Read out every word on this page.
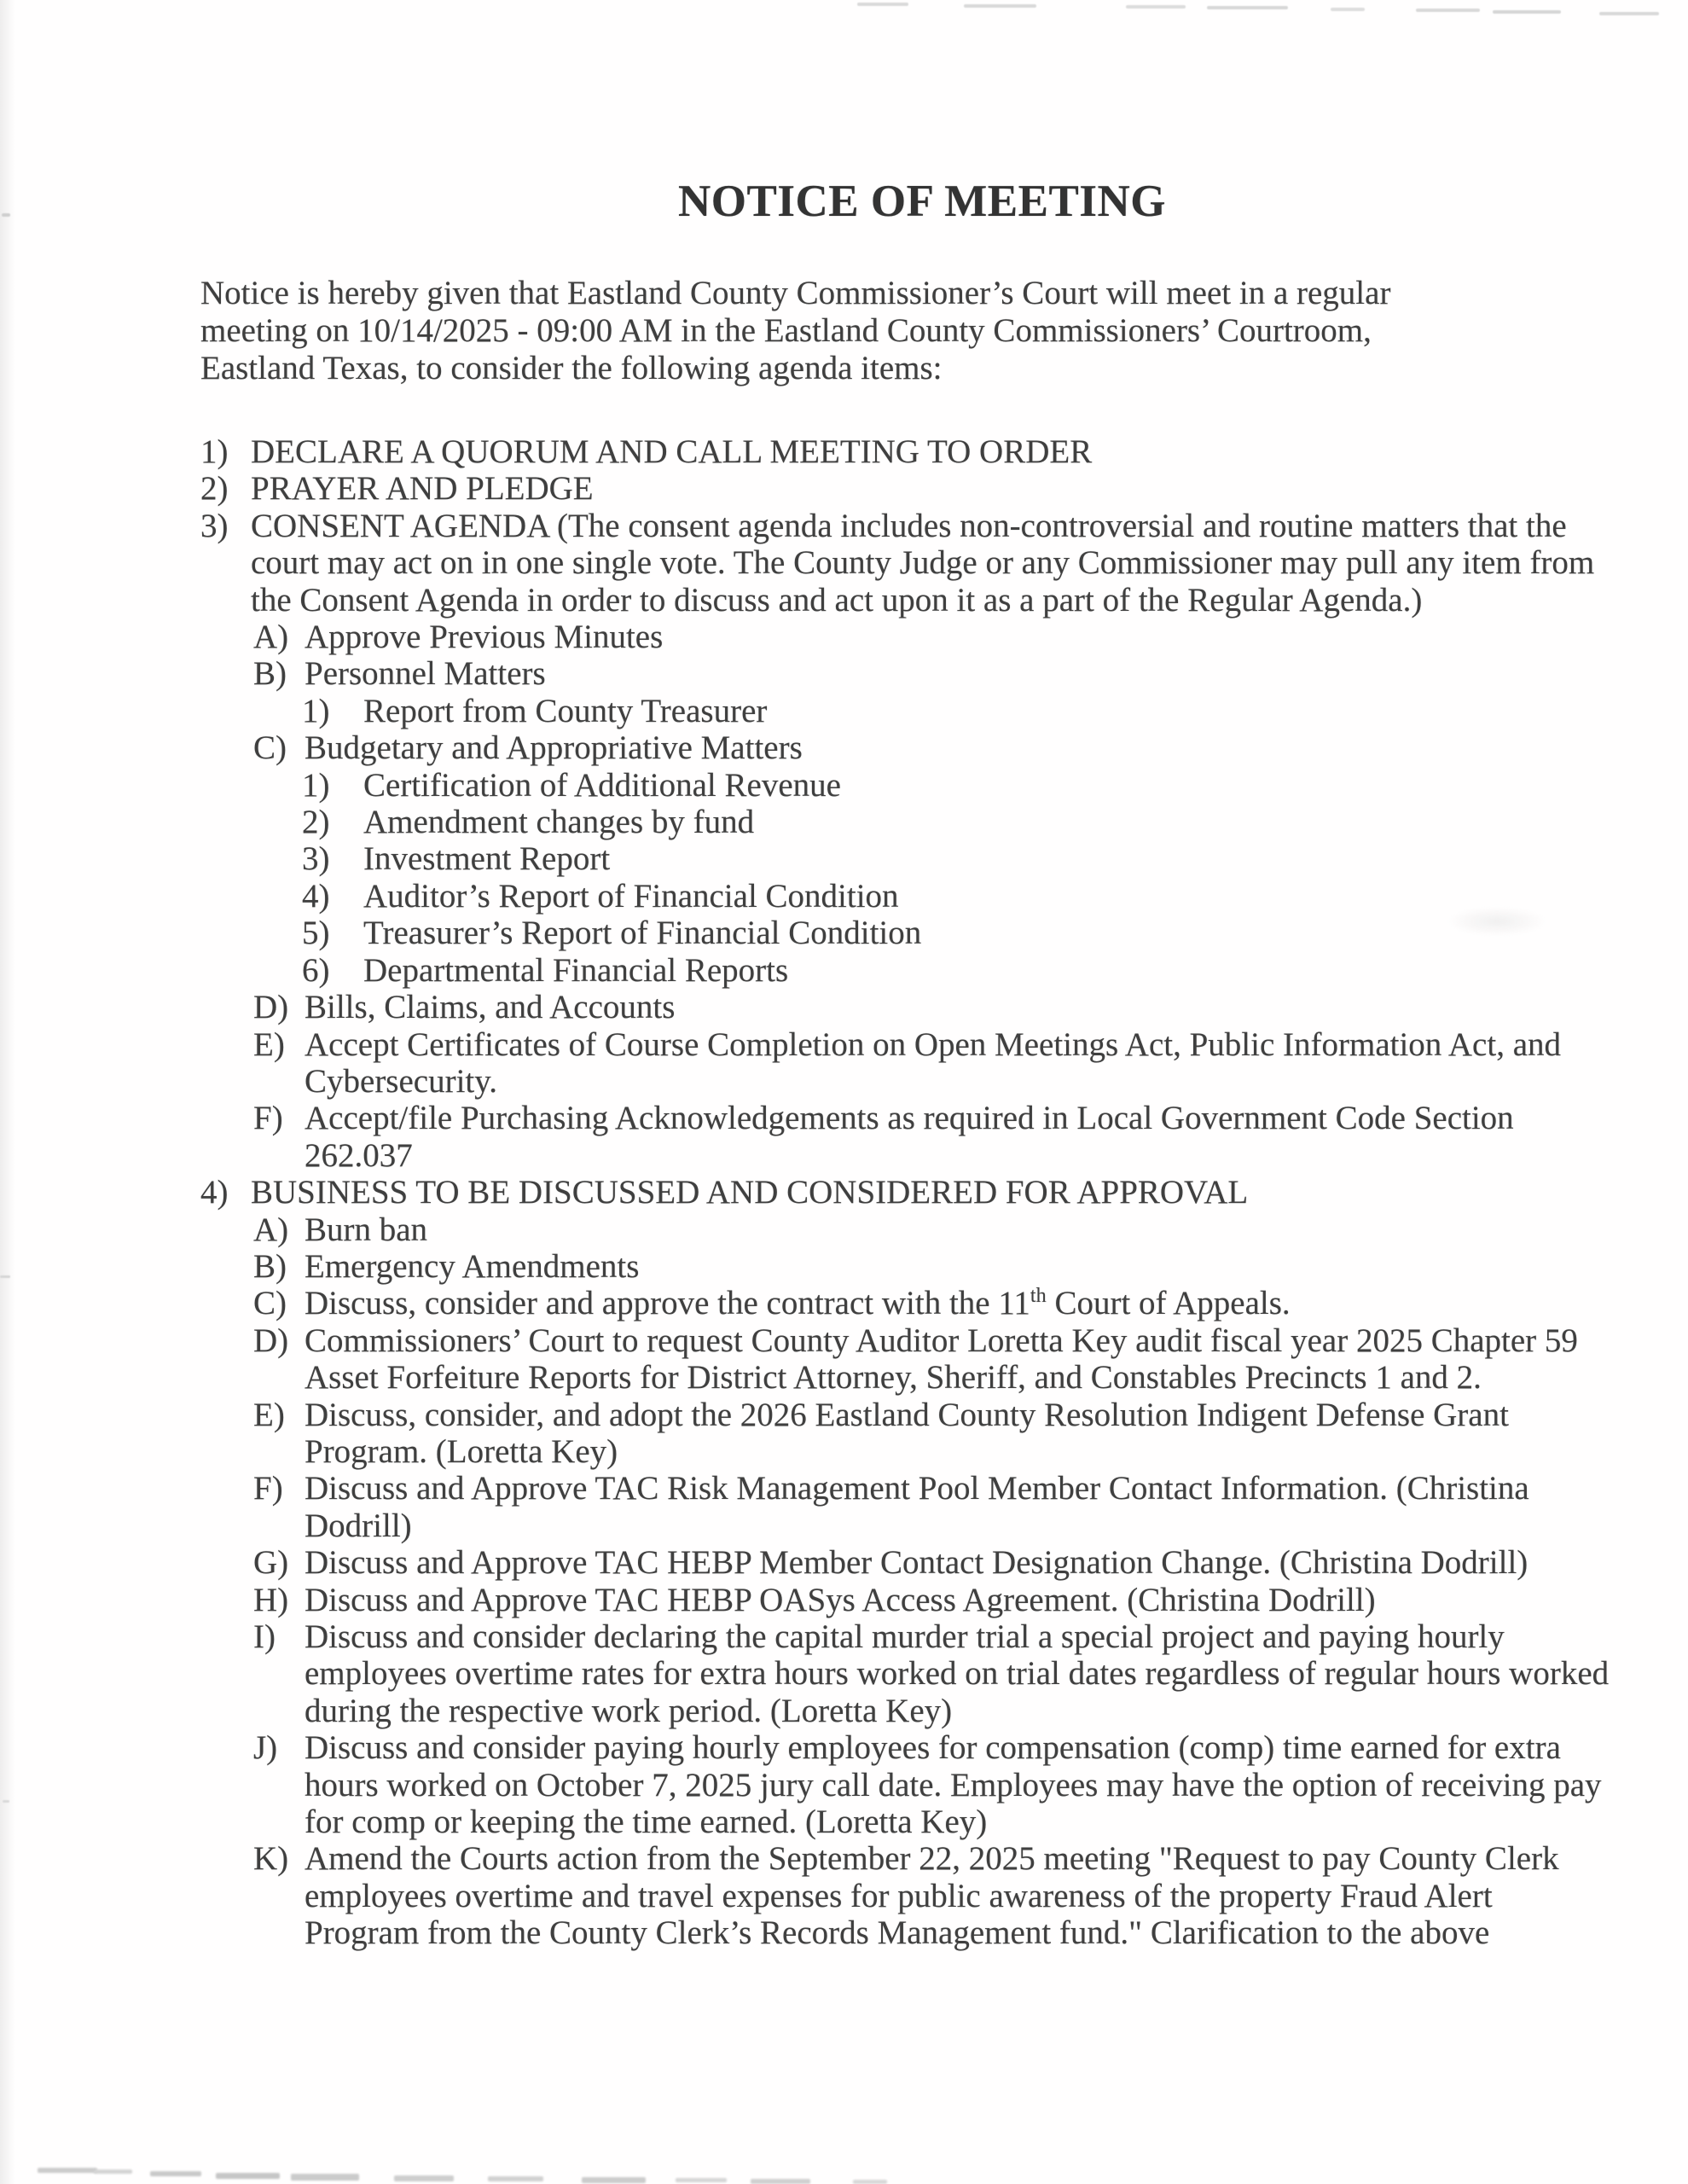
NOTICE OF MEETING
Notice is hereby given that Eastland County Commissioner’s Court will meet in a regular
meeting on 10/14/2025 - 09:00 AM in the Eastland County Commissioners’ Courtroom,
Eastland Texas, to consider the following agenda items:
1) DECLARE A QUORUM AND CALL MEETING TO ORDER
2) PRAYER AND PLEDGE
3) CONSENT AGENDA (The consent agenda includes non-controversial and routine matters that the
court may act on in one single vote. The County Judge or any Commissioner may pull any item from
the Consent Agenda in order to discuss and act upon it as a part of the Regular Agenda.)
A) Approve Previous Minutes
B) Personnel Matters
1) Report from County Treasurer
C) Budgetary and Appropriative Matters
1) Certification of Additional Revenue
2) Amendment changes by fund
3) Investment Report
4) Auditor’s Report of Financial Condition
5) Treasurer’s Report of Financial Condition
6) Departmental Financial Reports
D) Bills, Claims, and Accounts
E) Accept Certificates of Course Completion on Open Meetings Act, Public Information Act, and
Cybersecurity.
F) Accept/file Purchasing Acknowledgements as required in Local Government Code Section
262.037
4) BUSINESS TO BE DISCUSSED AND CONSIDERED FOR APPROVAL
A) Burn ban
B) Emergency Amendments
C) Discuss, consider and approve the contract with the 11th Court of Appeals.
D) Commissioners’ Court to request County Auditor Loretta Key audit fiscal year 2025 Chapter 59
Asset Forfeiture Reports for District Attorney, Sheriff, and Constables Precincts 1 and 2.
E) Discuss, consider, and adopt the 2026 Eastland County Resolution Indigent Defense Grant
Program. (Loretta Key)
F) Discuss and Approve TAC Risk Management Pool Member Contact Information. (Christina
Dodrill)
G) Discuss and Approve TAC HEBP Member Contact Designation Change. (Christina Dodrill)
H) Discuss and Approve TAC HEBP OASys Access Agreement. (Christina Dodrill)
I) Discuss and consider declaring the capital murder trial a special project and paying hourly
employees overtime rates for extra hours worked on trial dates regardless of regular hours worked
during the respective work period. (Loretta Key)
J) Discuss and consider paying hourly employees for compensation (comp) time earned for extra
hours worked on October 7, 2025 jury call date. Employees may have the option of receiving pay
for comp or keeping the time earned. (Loretta Key)
K) Amend the Courts action from the September 22, 2025 meeting "Request to pay County Clerk
employees overtime and travel expenses for public awareness of the property Fraud Alert
Program from the County Clerk’s Records Management fund." Clarification to the above
